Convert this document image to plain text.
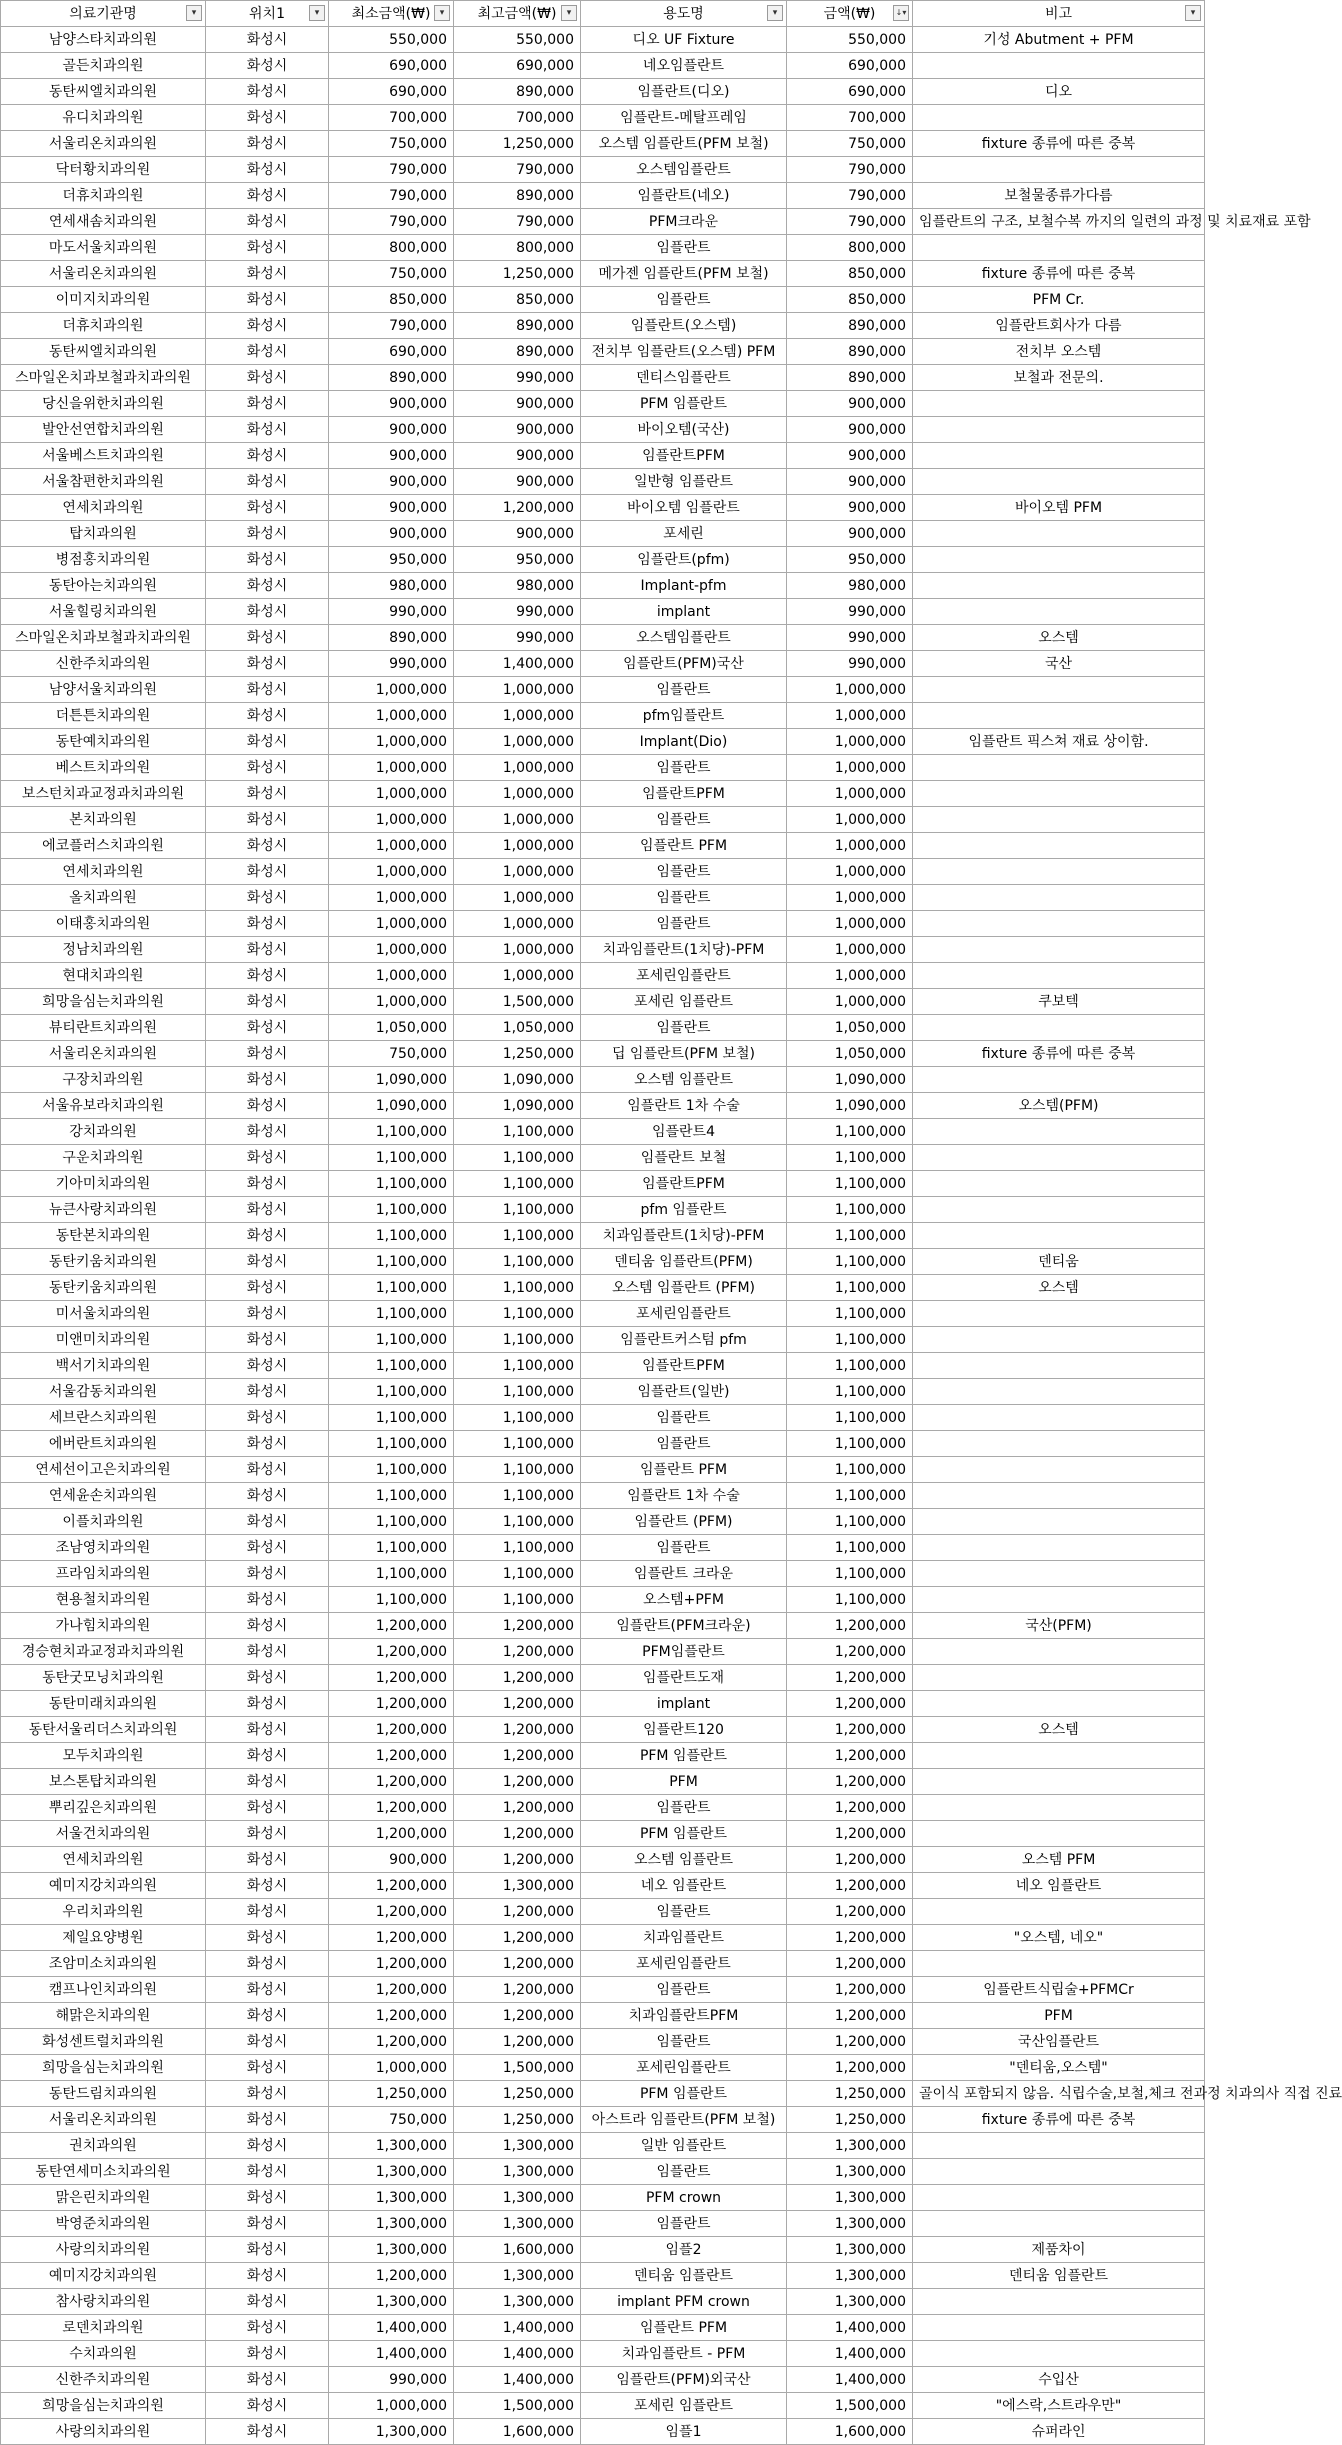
의료기관명 ▾	위치1 ▾	최소금액(₩) ▾	최고금액(₩) ▾	용도명 ▾	금액(₩) ↓▾	비고 ▾

남양스타치과의원	화성시	550,000	550,000	디오 UF Fixture	550,000	기성 Abutment + PFM
골든치과의원	화성시	690,000	690,000	네오임플란트	690,000	
동탄씨엘치과의원	화성시	690,000	890,000	임플란트(디오)	690,000	디오
유디치과의원	화성시	700,000	700,000	임플란트-메탈프레임	700,000	
서울리온치과의원	화성시	750,000	1,250,000	오스템 임플란트(PFM 보철)	750,000	fixture 종류에 따른 중복
닥터황치과의원	화성시	790,000	790,000	오스템임플란트	790,000	
더휴치과의원	화성시	790,000	890,000	임플란트(네오)	790,000	보철물종류가다름
연세새솜치과의원	화성시	790,000	790,000	PFM크라운	790,000	임플란트의 구조, 보철수복 까지의 일련의 과정 및 치료재료 포함
마도서울치과의원	화성시	800,000	800,000	임플란트	800,000	
서울리온치과의원	화성시	750,000	1,250,000	메가젠 임플란트(PFM 보철)	850,000	fixture 종류에 따른 중복
이미지치과의원	화성시	850,000	850,000	임플란트	850,000	PFM Cr.
더휴치과의원	화성시	790,000	890,000	임플란트(오스템)	890,000	임플란트회사가 다름
동탄씨엘치과의원	화성시	690,000	890,000	전치부 임플란트(오스템) PFM	890,000	전치부 오스템
스마일온치과보철과치과의원	화성시	890,000	990,000	덴티스임플란트	890,000	보철과 전문의.
당신을위한치과의원	화성시	900,000	900,000	PFM 임플란트	900,000	
발안선연합치과의원	화성시	900,000	900,000	바이오템(국산)	900,000	
서울베스트치과의원	화성시	900,000	900,000	임플란트PFM	900,000	
서울참편한치과의원	화성시	900,000	900,000	일반형 임플란트	900,000	
연세치과의원	화성시	900,000	1,200,000	바이오템 임플란트	900,000	바이오템 PFM
탑치과의원	화성시	900,000	900,000	포세린	900,000	
병점홍치과의원	화성시	950,000	950,000	임플란트(pfm)	950,000	
동탄아는치과의원	화성시	980,000	980,000	Implant-pfm	980,000	
서울힐링치과의원	화성시	990,000	990,000	implant	990,000	
스마일온치과보철과치과의원	화성시	890,000	990,000	오스템임플란트	990,000	오스템
신한주치과의원	화성시	990,000	1,400,000	임플란트(PFM)국산	990,000	국산
남양서울치과의원	화성시	1,000,000	1,000,000	임플란트	1,000,000	
더튼튼치과의원	화성시	1,000,000	1,000,000	pfm임플란트	1,000,000	
동탄예치과의원	화성시	1,000,000	1,000,000	Implant(Dio)	1,000,000	임플란트 픽스쳐 재료 상이함.
베스트치과의원	화성시	1,000,000	1,000,000	임플란트	1,000,000	
보스턴치과교정과치과의원	화성시	1,000,000	1,000,000	임플란트PFM	1,000,000	
본치과의원	화성시	1,000,000	1,000,000	임플란트	1,000,000	
에코플러스치과의원	화성시	1,000,000	1,000,000	임플란트 PFM	1,000,000	
연세치과의원	화성시	1,000,000	1,000,000	임플란트	1,000,000	
올치과의원	화성시	1,000,000	1,000,000	임플란트	1,000,000	
이태홍치과의원	화성시	1,000,000	1,000,000	임플란트	1,000,000	
정남치과의원	화성시	1,000,000	1,000,000	치과임플란트(1치당)-PFM	1,000,000	
현대치과의원	화성시	1,000,000	1,000,000	포세린임플란트	1,000,000	
희망을심는치과의원	화성시	1,000,000	1,500,000	포세린 임플란트	1,000,000	쿠보텍
뷰티란트치과의원	화성시	1,050,000	1,050,000	임플란트	1,050,000	
서울리온치과의원	화성시	750,000	1,250,000	딥 임플란트(PFM 보철)	1,050,000	fixture 종류에 따른 중복
구장치과의원	화성시	1,090,000	1,090,000	오스템 임플란트	1,090,000	
서울유보라치과의원	화성시	1,090,000	1,090,000	임플란트 1차 수술	1,090,000	오스템(PFM)
강치과의원	화성시	1,100,000	1,100,000	임플란트4	1,100,000	
구운치과의원	화성시	1,100,000	1,100,000	임플란트 보철	1,100,000	
기아미치과의원	화성시	1,100,000	1,100,000	임플란트PFM	1,100,000	
뉴큰사랑치과의원	화성시	1,100,000	1,100,000	pfm 임플란트	1,100,000	
동탄본치과의원	화성시	1,100,000	1,100,000	치과임플란트(1치당)-PFM	1,100,000	
동탄키움치과의원	화성시	1,100,000	1,100,000	덴티움 임플란트(PFM)	1,100,000	덴티움
동탄키움치과의원	화성시	1,100,000	1,100,000	오스템 임플란트 (PFM)	1,100,000	오스템
미서울치과의원	화성시	1,100,000	1,100,000	포세린임플란트	1,100,000	
미앤미치과의원	화성시	1,100,000	1,100,000	임플란트커스텀 pfm	1,100,000	
백서기치과의원	화성시	1,100,000	1,100,000	임플란트PFM	1,100,000	
서울감동치과의원	화성시	1,100,000	1,100,000	임플란트(일반)	1,100,000	
세브란스치과의원	화성시	1,100,000	1,100,000	임플란트	1,100,000	
에버란트치과의원	화성시	1,100,000	1,100,000	임플란트	1,100,000	
연세선이고은치과의원	화성시	1,100,000	1,100,000	임플란트 PFM	1,100,000	
연세윤손치과의원	화성시	1,100,000	1,100,000	임플란트 1차 수술	1,100,000	
이플치과의원	화성시	1,100,000	1,100,000	임플란트 (PFM)	1,100,000	
조남영치과의원	화성시	1,100,000	1,100,000	임플란트	1,100,000	
프라임치과의원	화성시	1,100,000	1,100,000	임플란트 크라운	1,100,000	
현용철치과의원	화성시	1,100,000	1,100,000	오스템+PFM	1,100,000	
가나힘치과의원	화성시	1,200,000	1,200,000	임플란트(PFM크라운)	1,200,000	국산(PFM)
경승현치과교정과치과의원	화성시	1,200,000	1,200,000	PFM임플란트	1,200,000	
동탄굿모닝치과의원	화성시	1,200,000	1,200,000	임플란트도재	1,200,000	
동탄미래치과의원	화성시	1,200,000	1,200,000	implant	1,200,000	
동탄서울리더스치과의원	화성시	1,200,000	1,200,000	임플란트120	1,200,000	오스템
모두치과의원	화성시	1,200,000	1,200,000	PFM 임플란트	1,200,000	
보스톤탑치과의원	화성시	1,200,000	1,200,000	PFM	1,200,000	
뿌리깊은치과의원	화성시	1,200,000	1,200,000	임플란트	1,200,000	
서울건치과의원	화성시	1,200,000	1,200,000	PFM 임플란트	1,200,000	
연세치과의원	화성시	900,000	1,200,000	오스템 임플란트	1,200,000	오스템 PFM
예미지강치과의원	화성시	1,200,000	1,300,000	네오 임플란트	1,200,000	네오 임플란트
우리치과의원	화성시	1,200,000	1,200,000	임플란트	1,200,000	
제일요양병원	화성시	1,200,000	1,200,000	치과임플란트	1,200,000	"오스템, 네오"
조암미소치과의원	화성시	1,200,000	1,200,000	포세린임플란트	1,200,000	
캠프나인치과의원	화성시	1,200,000	1,200,000	임플란트	1,200,000	임플란트식립술+PFMCr
해맑은치과의원	화성시	1,200,000	1,200,000	치과임플란트PFM	1,200,000	PFM
화성센트럴치과의원	화성시	1,200,000	1,200,000	임플란트	1,200,000	국산임플란트
희망을심는치과의원	화성시	1,000,000	1,500,000	포세린임플란트	1,200,000	"덴티움,오스템"
동탄드림치과의원	화성시	1,250,000	1,250,000	PFM 임플란트	1,250,000	골이식 포함되지 않음. 식립수술,보철,체크 전과정 치과의사 직접 진료
서울리온치과의원	화성시	750,000	1,250,000	아스트라 임플란트(PFM 보철)	1,250,000	fixture 종류에 따른 중복
권치과의원	화성시	1,300,000	1,300,000	일반 임플란트	1,300,000	
동탄연세미소치과의원	화성시	1,300,000	1,300,000	임플란트	1,300,000	
맑은린치과의원	화성시	1,300,000	1,300,000	PFM crown	1,300,000	
박영준치과의원	화성시	1,300,000	1,300,000	임플란트	1,300,000	
사랑의치과의원	화성시	1,300,000	1,600,000	임플2	1,300,000	제품차이
예미지강치과의원	화성시	1,200,000	1,300,000	덴티움 임플란트	1,300,000	덴티움 임플란트
참사랑치과의원	화성시	1,300,000	1,300,000	implant PFM crown	1,300,000	
로덴치과의원	화성시	1,400,000	1,400,000	임플란트 PFM	1,400,000	
수치과의원	화성시	1,400,000	1,400,000	치과임플란트 - PFM	1,400,000	
신한주치과의원	화성시	990,000	1,400,000	임플란트(PFM)외국산	1,400,000	수입산
희망을심는치과의원	화성시	1,000,000	1,500,000	포세린 임플란트	1,500,000	"에스락,스트라우만"
사랑의치과의원	화성시	1,300,000	1,600,000	임플1	1,600,000	슈퍼라인
